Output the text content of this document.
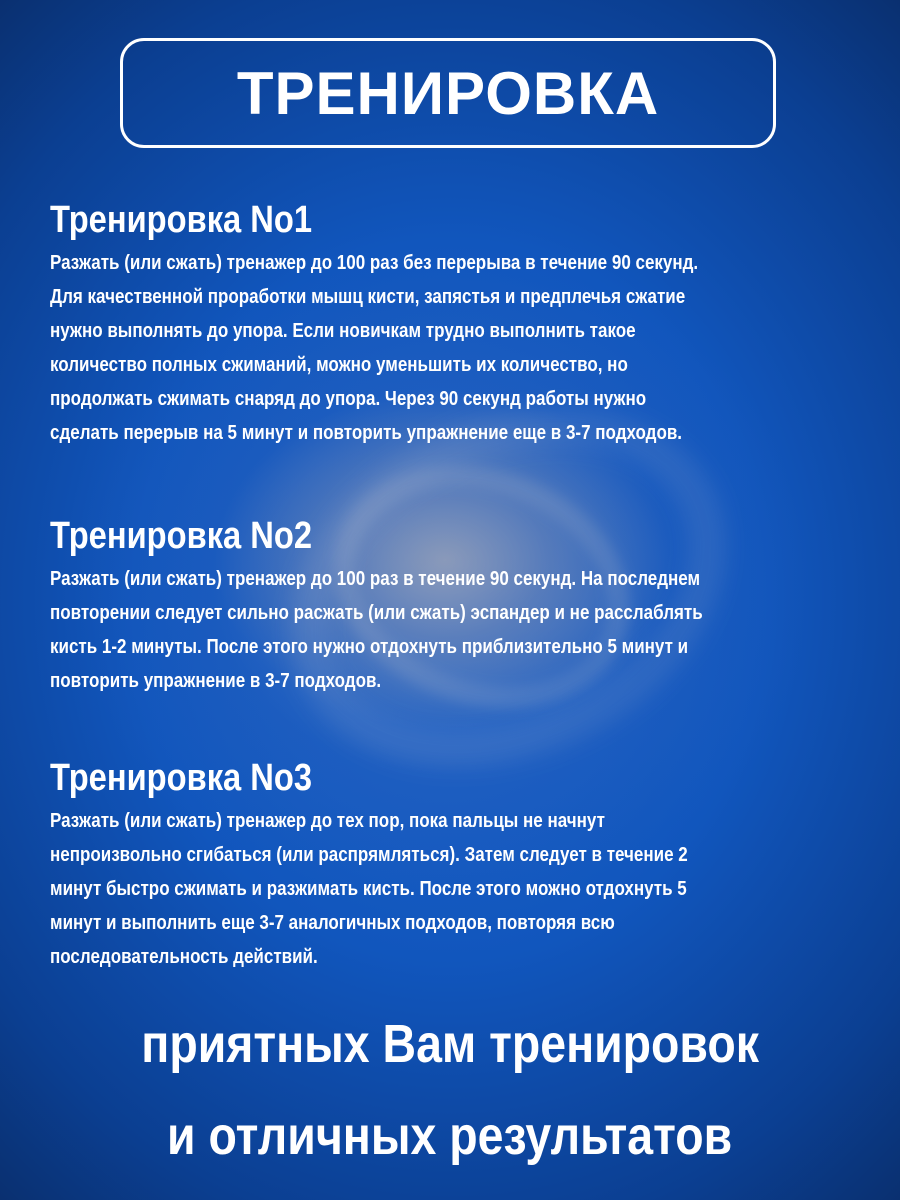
ТРЕНИРОВКА
Тренировка No1
Разжать (или сжать) тренажер до 100 раз без перерыва в течение 90 секунд.
Для качественной проработки мышц кисти, запястья и предплечья сжатие
нужно выполнять до упора. Если новичкам трудно выполнить такое
количество полных сжиманий, можно уменьшить их количество, но
продолжать сжимать снаряд до упора. Через 90 секунд работы нужно
сделать перерыв на 5 минут и повторить упражнение еще в 3-7 подходов.
Тренировка No2
Разжать (или сжать) тренажер до 100 раз в течение 90 секунд. На последнем
повторении следует сильно расжать (или сжать) эспандер и не расслаблять
кисть 1-2 минуты. После этого нужно отдохнуть приблизительно 5 минут и
повторить упражнение в 3-7 подходов.
Тренировка No3
Разжать (или сжать) тренажер до тех пор, пока пальцы не начнут
непроизвольно сгибаться (или распрямляться). Затем следует в течение 2
минут быстро сжимать и разжимать кисть. После этого можно отдохнуть 5
минут и выполнить еще 3-7 аналогичных подходов, повторяя всю
последовательность действий.
приятных Вам тренировок
и отличных результатов
